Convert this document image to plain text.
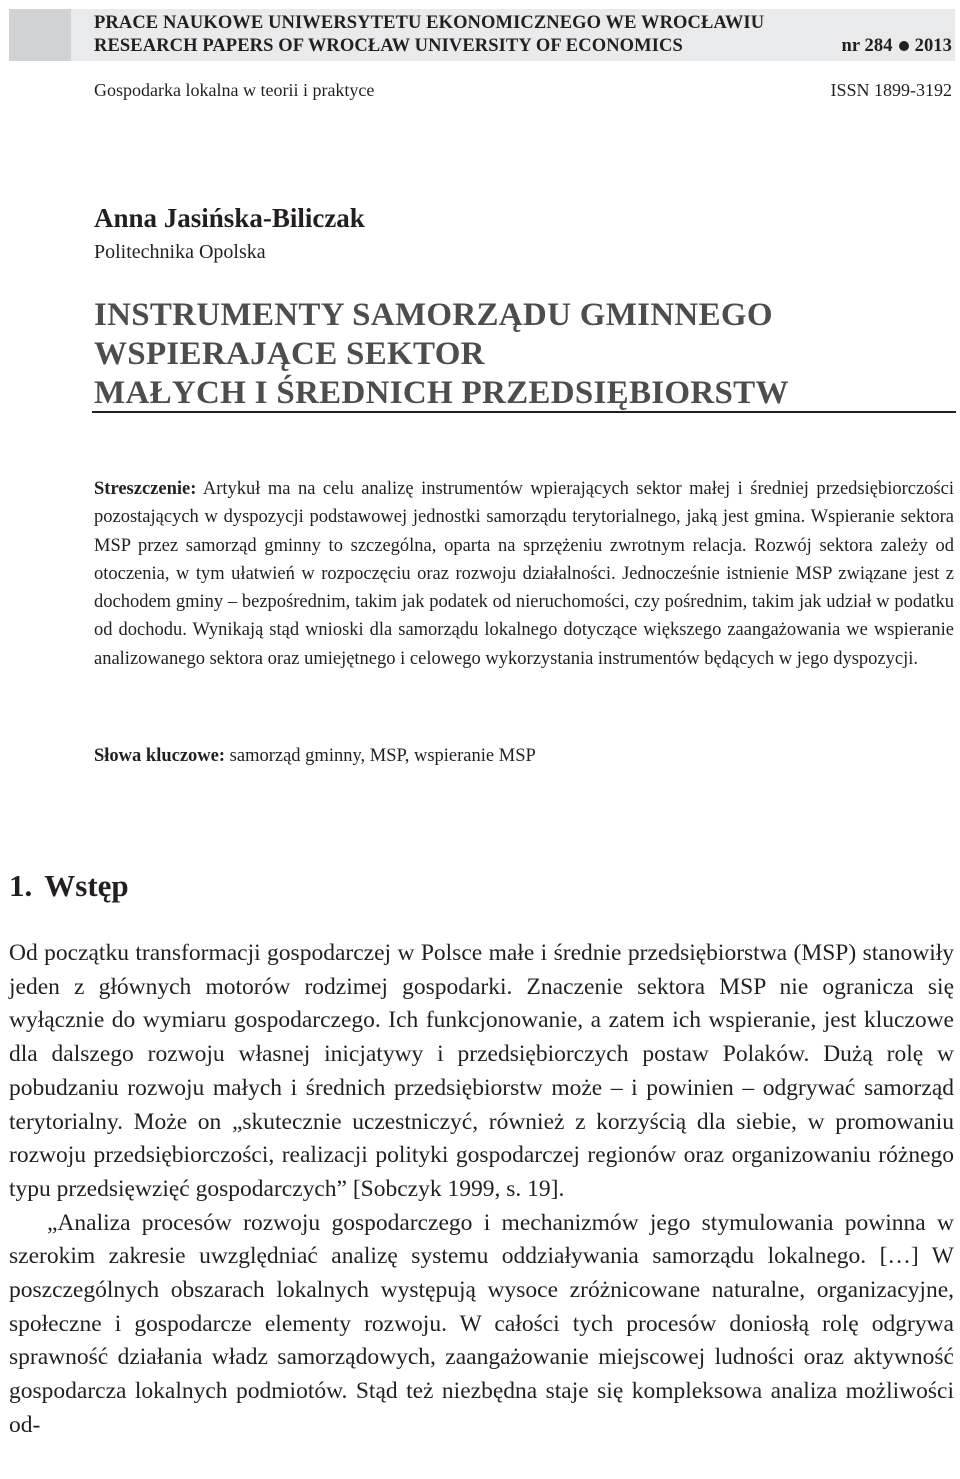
PRACE NAUKOWE UNIWERSYTETU EKONOMICZNEGO WE WROCŁAWIU
RESEARCH PAPERS OF WROCŁAW UNIVERSITY OF ECONOMICS	nr 284 2013
Gospodarka lokalna w teorii i praktyce	ISSN 1899-3192
Anna Jasińska-Biliczak
Politechnika Opolska
INSTRUMENTY SAMORZĄDU GMINNEGO
WSPIERAJĄCE SEKTOR
MAŁYCH I ŚREDNICH PRZEDSIĘBIORSTW
Streszczenie: Artykuł ma na celu analizę instrumentów wpierających sektor małej i średniej przedsiębiorczości pozostających w dyspozycji podstawowej jednostki samorządu terytorialnego, jaką jest gmina. Wspieranie sektora MSP przez samorząd gminny to szczególna, oparta na sprzężeniu zwrotnym relacja. Rozwój sektora zależy od otoczenia, w tym ułatwień w rozpoczęciu oraz rozwoju działalności. Jednocześnie istnienie MSP związane jest z dochodem gminy – bezpośrednim, takim jak podatek od nieruchomości, czy pośrednim, takim jak udział w podatku od dochodu. Wynikają stąd wnioski dla samorządu lokalnego dotyczące większego zaangażowania we wspieranie analizowanego sektora oraz umiejętnego i celowego wykorzystania instrumentów będących w jego dyspozycji.
Słowa kluczowe: samorząd gminny, MSP, wspieranie MSP
1. Wstęp

Od początku transformacji gospodarczej w Polsce małe i średnie przedsiębiorstwa (MSP) stanowiły jeden z głównych motorów rodzimej gospodarki. Znaczenie sektora MSP nie ogranicza się wyłącznie do wymiaru gospodarczego. Ich funkcjonowanie, a zatem ich wspieranie, jest kluczowe dla dalszego rozwoju własnej inicjatywy i przedsiębiorczych postaw Polaków. Dużą rolę w pobudzaniu rozwoju małych i średnich przedsiębiorstw może – i powinien – odgrywać samorząd terytorialny. Może on „skutecznie uczestniczyć, również z korzyścią dla siebie, w promowaniu rozwoju przedsiębiorczości, realizacji polityki gospodarczej regionów oraz organizowaniu różnego typu przedsięwzięć gospodarczych” [Sobczyk 1999, s. 19].

„Analiza procesów rozwoju gospodarczego i mechanizmów jego stymulowania powinna w szerokim zakresie uwzględniać analizę systemu oddziaływania samorządu lokalnego. […] W poszczególnych obszarach lokalnych występują wysoce zróżnicowane naturalne, organizacyjne, społeczne i gospodarcze elementy rozwoju. W całości tych procesów doniosłą rolę odgrywa sprawność działania władz samorządowych, zaangażowanie miejscowej ludności oraz aktywność gospodarcza lokalnych podmiotów. Stąd też niezbędna staje się kompleksowa analiza możliwości od-
